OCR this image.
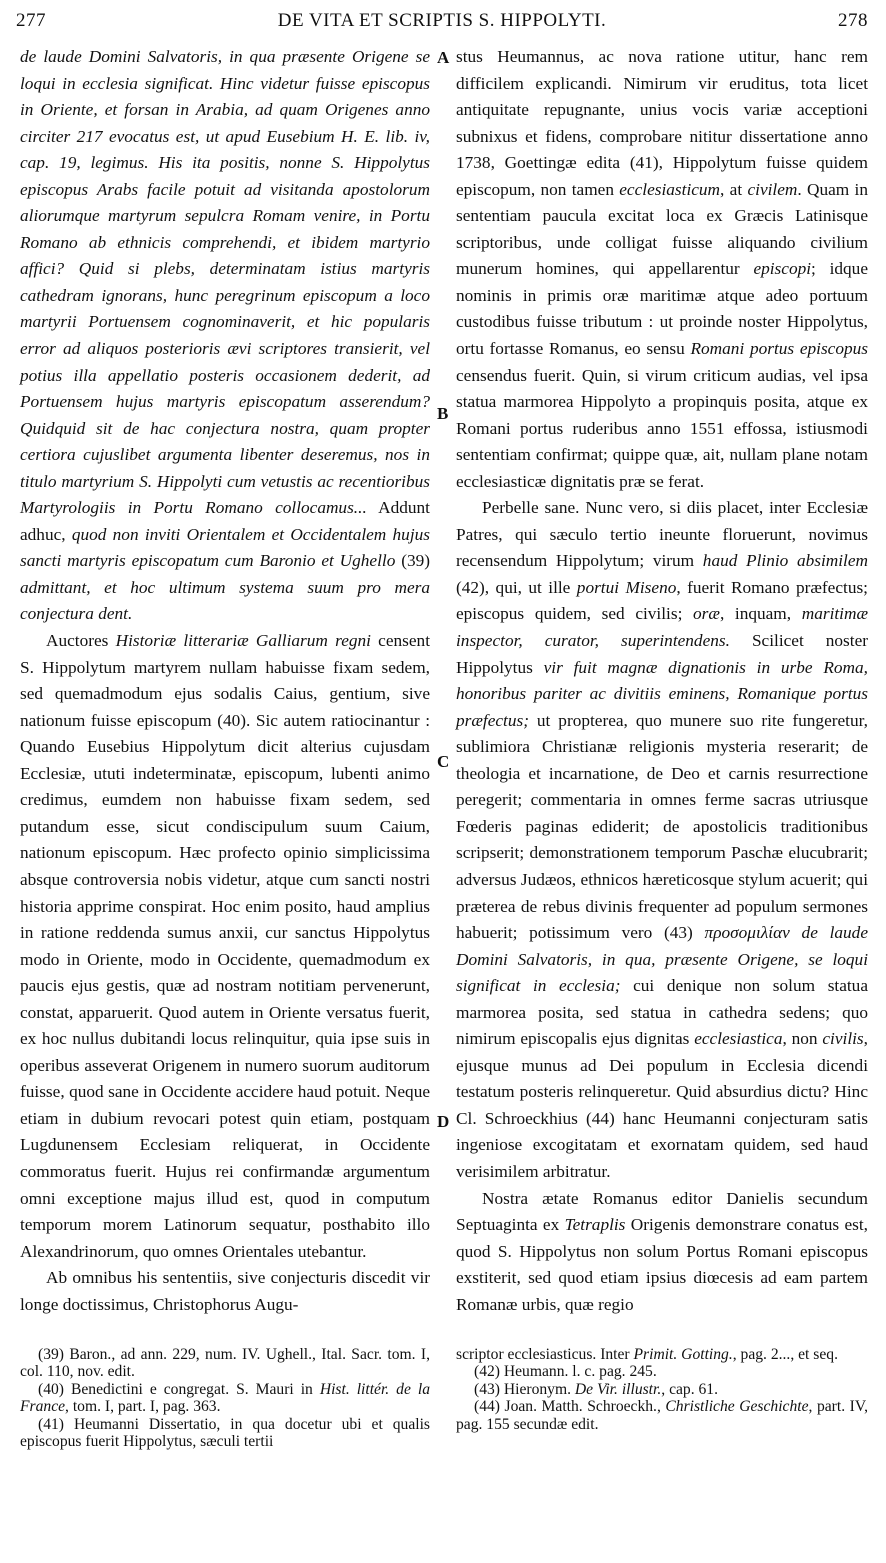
277	DE VITA ET SCRIPTIS S. HIPPOLYTI.	278

de laude Domini Salvatoris, in qua præsente Origene se loqui in ecclesia significat. Hinc videtur fuisse episcopus in Oriente, et forsan in Arabia, ad quam Origenes anno circiter 217 evocatus est, ut apud Eusebium H. E. lib. iv, cap. 19, legimus. His ita positis, nonne S. Hippolytus episcopus Arabs facile potuit ad visitanda apostolorum aliorumque martyrum sepulcra Romam venire, in Portu Romano ab ethnicis comprehendi, et ibidem martyrio affici? Quid si plebs, determinatam istius martyris cathedram ignorans, hunc peregrinum episcopum a loco martyrii Portuensem cognominaverit, et hic popularis error ad aliquos posterioris ævi scriptores transierit, vel potius illa appellatio posteris occasionem dederit, ad Portuensem hujus martyris episcopatum asserendum? Quidquid sit de hac conjectura nostra, quam propter certiora cujuslibet argumenta libenter deseremus, nos in titulo martyrium S. Hippolyti cum vetustis ac recentioribus Martyrologiis in Portu Romano collocamus... Addunt adhuc, quod non inviti Orientalem et Occidentalem hujus sancti martyris episcopatum cum Baronio et Ughello (39) admittant, et hoc ultimum systema suum pro mera conjectura dent.

Auctores Historiæ litterariæ Galliarum regni censent S. Hippolytum martyrem nullam habuisse fixam sedem, sed quemadmodum ejus sodalis Caius, gentium, sive nationum fuisse episcopum (40). Sic autem ratiocinantur : Quando Eusebius Hippolytum dicit alterius cujusdam Ecclesiæ, ututi indeterminatæ, episcopum, lubenti animo credimus, eumdem non habuisse fixam sedem, sed putandum esse, sicut condiscipulum suum Caium, nationum episcopum. Hæc profecto opinio simplicissima absque controversia nobis videtur, atque cum sancti nostri historia apprime conspirat. Hoc enim posito, haud amplius in ratione reddenda sumus anxii, cur sanctus Hippolytus modo in Oriente, modo in Occidente, quemadmodum ex paucis ejus gestis, quæ ad nostram notitiam pervenerunt, constat, apparuerit. Quod autem in Oriente versatus fuerit, ex hoc nullus dubitandi locus relinquitur, quia ipse suis in operibus asseverat Origenem in numero suorum auditorum fuisse, quod sane in Occidente accidere haud potuit. Neque etiam in dubium revocari potest quin etiam, postquam Lugdunensem Ecclesiam reliquerat, in Occidente commoratus fuerit. Hujus rei confirmandæ argumentum omni exceptione majus illud est, quod in computum temporum morem Latinorum sequatur, posthabito illo Alexandrinorum, quo omnes Orientales utebantur.

Ab omnibus his sententiis, sive conjecturis discedit vir longe doctissimus, Christophorus Augu-

A
B
C
D

stus Heumannus, ac nova ratione utitur, hanc rem difficilem explicandi. Nimirum vir eruditus, tota licet antiquitate repugnante, unius vocis variæ acceptioni subnixus et fidens, comprobare nititur dissertatione anno 1738, Goettingæ edita (41), Hippolytum fuisse quidem episcopum, non tamen ecclesiasticum, at civilem. Quam in sententiam paucula excitat loca ex Græcis Latinisque scriptoribus, unde colligat fuisse aliquando civilium munerum homines, qui appellarentur episcopi; idque nominis in primis oræ maritimæ atque adeo portuum custodibus fuisse tributum : ut proinde noster Hippolytus, ortu fortasse Romanus, eo sensu Romani portus episcopus censendus fuerit. Quin, si virum criticum audias, vel ipsa statua marmorea Hippolyto a propinquis posita, atque ex Romani portus ruderibus anno 1551 effossa, istiusmodi sententiam confirmat; quippe quæ, ait, nullam plane notam ecclesiasticæ dignitatis præ se ferat.

Perbelle sane. Nunc vero, si diis placet, inter Ecclesiæ Patres, qui sæculo tertio ineunte floruerunt, novimus recensendum Hippolytum; virum haud Plinio absimilem (42), qui, ut ille portui Miseno, fuerit Romano præfectus; episcopus quidem, sed civilis; oræ, inquam, maritimæ inspector, curator, superintendens. Scilicet noster Hippolytus vir fuit magnæ dignationis in urbe Roma, honoribus pariter ac divitiis eminens, Romanique portus præfectus; ut propterea, quo munere suo rite fungeretur, sublimiora Christianæ religionis mysteria reserarit; de theologia et incarnatione, de Deo et carnis resurrectione peregerit; commentaria in omnes ferme sacras utriusque Fœderis paginas ediderit; de apostolicis traditionibus scripserit; demonstrationem temporum Paschæ elucubrarit; adversus Judæos, ethnicos hæreticosque stylum acuerit; qui præterea de rebus divinis frequenter ad populum sermones habuerit; potissimum vero (43) προσομιλίαν de laude Domini Salvatoris, in qua, præsente Origene, se loqui significat in ecclesia; cui denique non solum statua marmorea posita, sed statua in cathedra sedens; quo nimirum episcopalis ejus dignitas ecclesiastica, non civilis, ejusque munus ad Dei populum in Ecclesia dicendi testatum posteris relinqueretur. Quid absurdius dictu? Hinc Cl. Schroeckhius (44) hanc Heumanni conjecturam satis ingeniose excogitatam et exornatam quidem, sed haud verisimilem arbitratur.

Nostra ætate Romanus editor Danielis secundum Septuaginta ex Tetraplis Origenis demonstrare conatus est, quod S. Hippolytus non solum Portus Romani episcopus exstiterit, sed quod etiam ipsius diœcesis ad eam partem Romanæ urbis, quæ regio

(39) Baron., ad ann. 229, num. IV. Ughell., Ital. Sacr. tom. I, col. 110, nov. edit.

(40) Benedictini e congregat. S. Mauri in Hist. littér. de la France, tom. I, part. I, pag. 363.

(41) Heumanni Dissertatio, in qua docetur ubi et qualis episcopus fuerit Hippolytus, sæculi tertii

scriptor ecclesiasticus. Inter Primit. Gotting., pag. 2..., et seq.

(42) Heumann. l. c. pag. 245.

(43) Hieronym. De Vir. illustr., cap. 61.

(44) Joan. Matth. Schroeckh., Christliche Geschichte, part. IV, pag. 155 secundæ edit.
